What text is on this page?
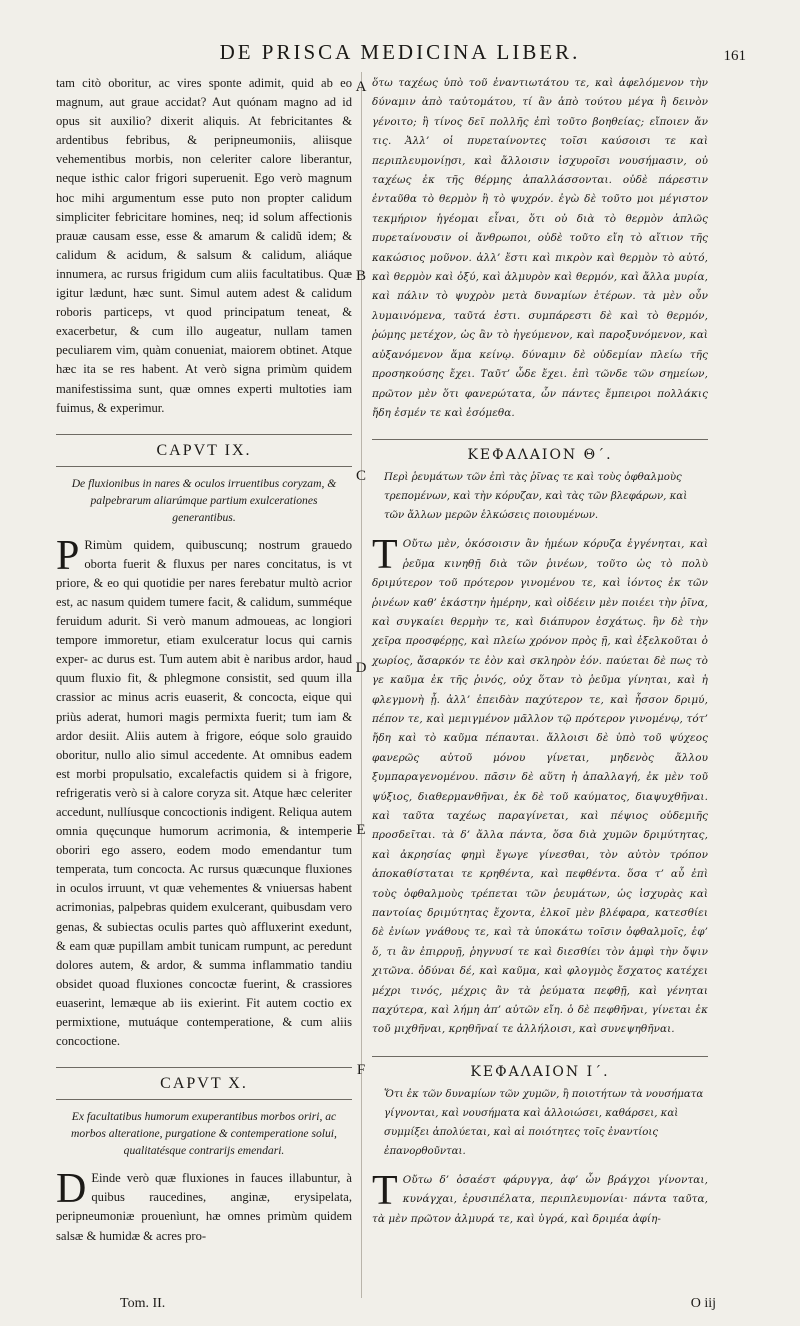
DE PRISCA MEDICINA LIBER.	161
A
B
C
D
E
F

tam citò oboritur, ac vires sponte adimit, quid ab eo magnum, aut graue accidat? Aut quónam magno ad id opus sit auxilio? dixerit aliquis. At febricitantes & ardentibus febribus, & peripneumoniis, aliisque vehementibus morbis, non celeriter calore liberantur, neque isthic calor frigori superuenit. Ego verò magnum hoc mihi argumentum esse puto non propter calidum simpliciter febricitare homines, neq; id solum affectionis prauæ causam esse, esse & amarum & calidũ idem; & calidum & acidum, & salsum & calidum, aliáque innumera, ac rursus frigidum cum aliis facultatibus. Quæ igitur lædunt, hæc sunt. Simul autem adest & calidum roboris particeps, vt quod principatum teneat, & exacerbetur, & cum illo augeatur, nullam tamen peculiarem vim, quàm conueniat, maiorem obtinet. Atque hæc ita se res habent. At verò signa primùm quidem manifestissima sunt, quæ omnes experti multoties iam fuimus, & experimur.

CAPVT IX.
De fluxionibus in nares & oculos irruentibus coryzam, & palpebrarum aliarúmque partium exulcerationes generantibus.

P Rimùm quidem, quibuscunq; nostrum grauedo oborta fuerit & fluxus per nares concitatus, is vt priore, & eo qui quotidie per nares ferebatur multò acrior est, ac nasum quidem tumere facit, & calidum, summéque feruidum adurit. Si verò manum admoueas, ac longiori tempore immoretur, etiam exulceratur locus qui carnis exper- ac durus est. Tum autem abit è naribus ardor, haud quum fluxio fit, & phlegmone consistit, sed quum illa crassior ac minus acris euaserit, & concocta, eique qui priùs aderat, humori magis permixta fuerit; tum iam & ardor desiit. Aliis autem à frigore, eóque solo grauido oboritur, nullo alio simul accedente. At omnibus eadem est morbi propulsatio, excalefactis quidem si à frigore, refrigeratis verò si à calore coryza sit. Atque hæc celeriter accedunt, nullíusque concoctionis indigent. Reliqua autem omnia quęcunque humorum acrimonia, & intemperie oboriri ego assero, eodem modo emendantur tum temperata, tum concocta. Ac rursus quæcunque fluxiones in oculos irruunt, vt quæ vehementes & vniuersas habent acrimonias, palpebras quidem exulcerant, quibusdam vero genas, & subiectas oculis partes quò affluxerint exedunt, & eam quæ pupillam ambit tunicam rumpunt, ac peredunt dolores autem, & ardor, & summa inflammatio tandiu obsidet quoad fluxiones concoctæ fuerint, & crassiores euaserint, lemæque ab iis exierint. Fit autem coctio ex permixtione, mutuáque contemperatione, & cum aliis concoctione.

CAPVT X.
Ex facultatibus humorum exuperantibus morbos oriri, ac morbos alteratione, purgatione & contemperatione solui, qualitatésque contrarijs emendari.

D Einde verò quæ fluxiones in fauces illabuntur, à quibus raucedines, anginæ, erysipelata, peripneumoniæ prouenìunt, hæ omnes primùm quidem salsæ & humidæ & acres pro-

ὅτω ταχέως ὑπὸ τοῦ ἐναντιωτάτου τε, καὶ ἀφελόμενον τὴν δύναμιν ἀπὸ ταὐτομάτου, τί ἂν ἀπὸ τούτου μέγα ἢ δεινὸν γένοιτο; ἢ τίνος δεῖ πολλῆς ἐπὶ τοῦτο βοηθείας; εἴποιεν ἄν τις. Ἀλλ’ οἱ πυρεταίνοντες τοῖσι καύσοισι τε καὶ περιπλευμονίῃσι, καὶ ἄλλοισιν ἰσχυροῖσι νουσήμασιν, οὐ ταχέως ἐκ τῆς θέρμης ἀπαλλάσσονται. οὐδὲ πάρεστιν ἐνταῦθα τὸ θερμὸν ἢ τὸ ψυχρόν. ἐγὼ δὲ τοῦτο μοι μέγιστον τεκμήριον ἡγέομαι εἶναι, ὅτι οὐ διὰ τὸ θερμὸν ἁπλῶς πυρεταίνουσιν οἱ ἄνθρωποι, οὐδὲ τοῦτο εἴη τὸ αἴτιον τῆς κακώσιος μοῦνον. ἀλλ’ ἔστι καὶ πικρὸν καὶ θερμὸν τὸ αὐτό, καὶ θερμὸν καὶ ὀξύ, καὶ ἁλμυρὸν καὶ θερμόν, καὶ ἄλλα μυρία, καὶ πάλιν τὸ ψυχρὸν μετὰ δυναμίων ἑτέρων. τὰ μὲν οὖν λυμαινόμενα, ταῦτά ἐστι. συμπάρεστι δὲ καὶ τὸ θερμόν, ῥώμης μετέχον, ὡς ἂν τὸ ἡγεύμενον, καὶ παροξυνόμενον, καὶ αὐξανόμενον ἅμα κείνῳ. δύναμιν δὲ οὐδεμίαν πλείω τῆς προσηκούσης ἔχει. Ταῦτ’ ὧδε ἔχει. ἐπὶ τῶνδε τῶν σημείων, πρῶτον μὲν ὅτι φανερώτατα, ὧν πάντες ἔμπειροι πολλάκις ἤδη ἐσμέν τε καὶ ἐσόμεθα.

ΚΕΦΑΛΑΙΟΝ Θ΄.
Περὶ ῥευμάτων τῶν ἐπὶ τὰς ῥῖνας τε καὶ τοὺς ὀφθαλμοὺς τρεπομένων, καὶ τὴν κόρυζαν, καὶ τὰς τῶν βλεφάρων, καὶ τῶν ἄλλων μερῶν ἑλκώσεις ποιουμένων.

Τ Οὔτω μὲν, ὁκόσοισιν ἂν ἡμέων κόρυζα ἐγγένηται, καὶ ῥεῦμα κινηθῇ διὰ τῶν ῥινέων, τοῦτο ὡς τὸ πολὺ δριμύτερον τοῦ πρότερον γινομένου τε, καὶ ἰόντος ἐκ τῶν ῥινέων καθ’ ἑκάστην ἡμέρην, καὶ οἰδέειν μὲν ποιέει τὴν ῥῖνα, καὶ συγκαίει θερμὴν τε, καὶ διάπυρον ἐσχάτως. ἢν δὲ τὴν χεῖρα προσφέρῃς, καὶ πλείω χρόνον πρὸς ῇ, καὶ ἐξελκοῦται ὁ χωρίος, ἄσαρκόν τε ἐὸν καὶ σκληρὸν ἐόν. παύεται δὲ πως τὸ γε καῦμα ἐκ τῆς ῥινός, οὐχ ὅταν τὸ ῥεῦμα γίνηται, καὶ ἡ φλεγμονὴ ᾖ. ἀλλ’ ἐπειδὰν παχύτερον τε, καὶ ἧσσον δριμύ, πέπον τε, καὶ μεμιγμένον μᾶλλον τῷ πρότερον γινομένῳ, τότ’ ἤδη καὶ τὸ καῦμα πέπαυται. ἄλλοισι δὲ ὑπὸ τοῦ ψύχεος φανερῶς αὐτοῦ μόνου γίνεται, μηδενὸς ἄλλου ξυμπαραγενομένου. πᾶσιν δὲ αὕτη ἡ ἀπαλλαγή, ἐκ μὲν τοῦ ψύξιος, διαθερμανθῆναι, ἐκ δὲ τοῦ καύματος, διαψυχθῆναι. καὶ ταῦτα ταχέως παραγίνεται, καὶ πέψιος οὐδεμιῆς προσδεῖται. τὰ δ’ ἄλλα πάντα, ὅσα διὰ χυμῶν δριμύτητας, καὶ ἀκρησίας φημὶ ἔγωγε γίνεσθαι, τὸν αὐτὸν τρόπον ἀποκαθίσταται τε κρηθέντα, καὶ πεφθέντα. ὅσα τ’ αὖ ἐπὶ τοὺς ὀφθαλμοὺς τρέπεται τῶν ῥευμάτων, ὡς ἰσχυρὰς καὶ παντοίας δριμύτητας ἔχοντα, ἑλκοῖ μὲν βλέφαρα, κατεσθίει δὲ ἐνίων γνάθους τε, καὶ τὰ ὑποκάτω τοῖσιν ὀφθαλμοῖς, ἐφ’ ὅ, τι ἂν ἐπιρρυῇ, ῥηγνυσί τε καὶ διεσθίει τὸν ἀμφὶ τὴν ὄψιν χιτῶνα. ὀδύναι δέ, καὶ καῦμα, καὶ φλογμὸς ἔσχατος κατέχει μέχρι τινός, μέχρις ἂν τὰ ῥεύματα πεφθῇ, καὶ γένηται παχύτερα, καὶ λήμη ἀπ’ αὐτῶν εἴη. ὁ δὲ πεφθῆναι, γίνεται ἐκ τοῦ μιχθῆναι, κρηθῆναί τε ἀλλήλοισι, καὶ συνεψηθῆναι.

ΚΕΦΑΛΑΙΟΝ Ι΄.
Ὅτι ἐκ τῶν δυναμίων τῶν χυμῶν, ἢ ποιοτήτων τὰ νουσήματα γίγνονται, καὶ νουσήματα καὶ ἀλλοιώσει, καθάρσει, καὶ συμμίξει ἀπολύεται, καὶ αἱ ποιότητες τοῖς ἐναντίοις ἐπανορθοῦνται.

Τ Οὔτω δ’ ὁσαέστ φάρυγγα, ἀφ’ ὧν βράγχοι γίνονται, κυνάγχαι, ἐρυσιπέλατα, περιπλευμονίαι· πάντα ταῦτα, τὰ μὲν πρῶτον ἁλμυρά τε, καὶ ὑγρά, καὶ δριμέα ἀφίη-

Tom. II.	O iij
